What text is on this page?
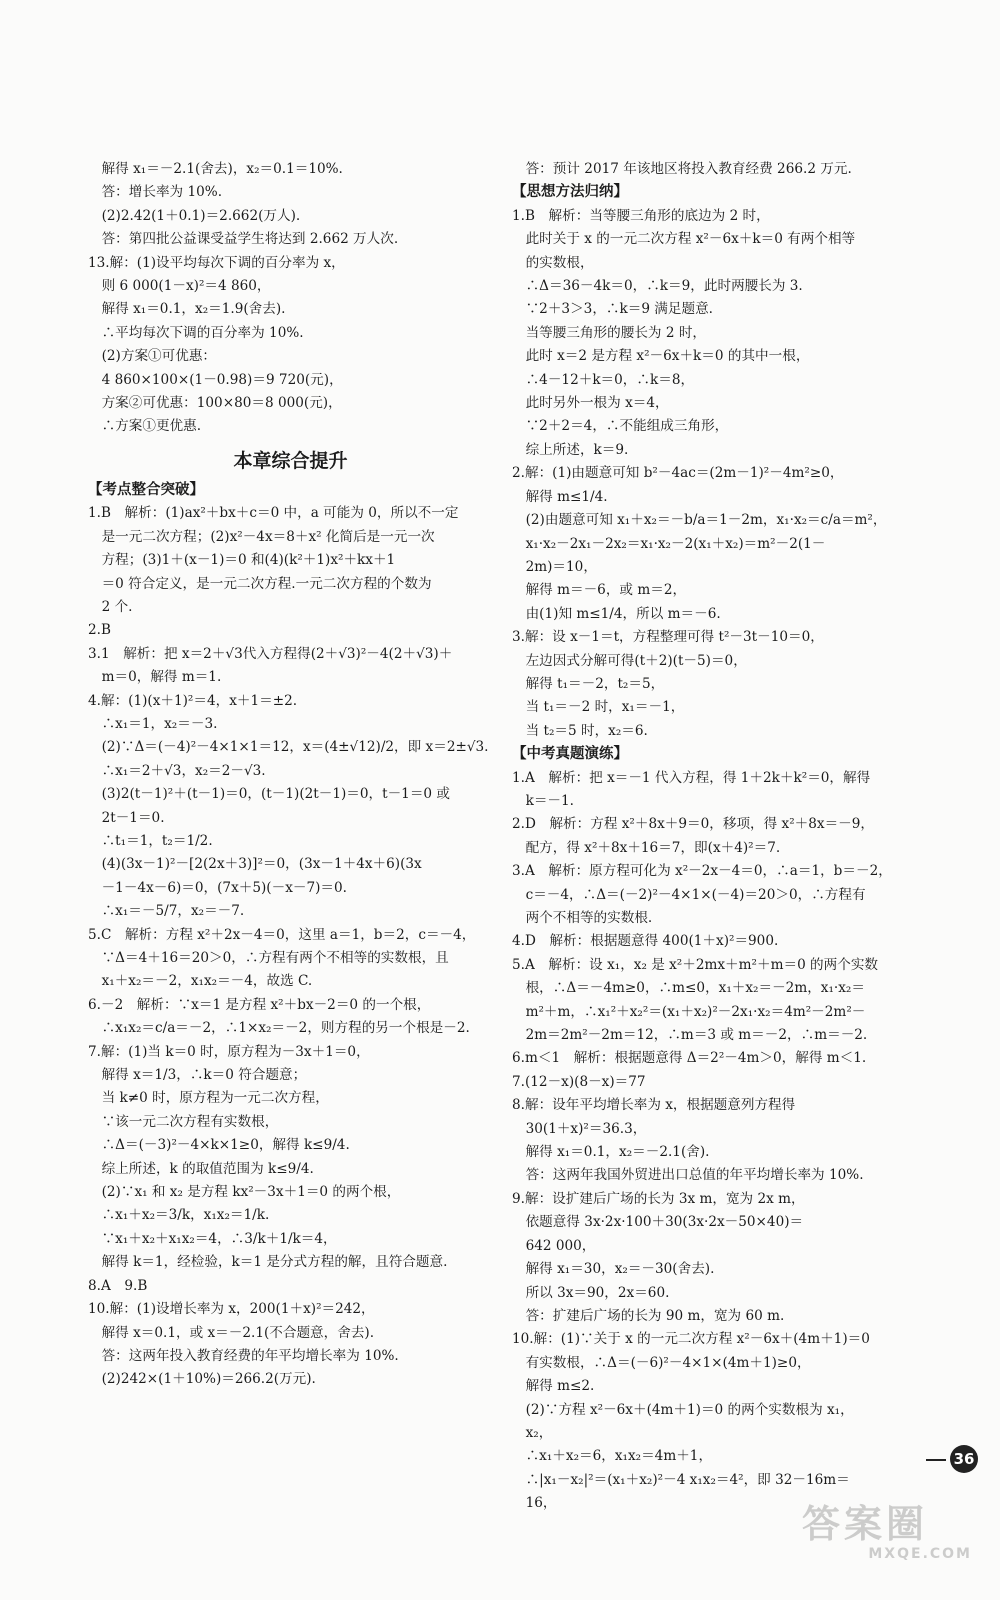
　解得 x₁＝－2.1(舍去)，x₂＝0.1＝10%.
　答：增长率为 10%.
　(2)2.42(1＋0.1)＝2.662(万人).
　答：第四批公益课受益学生将达到 2.662 万人次.
13.解：(1)设平均每次下调的百分率为 x，
　则 6 000(1－x)²＝4 860，
　解得 x₁＝0.1，x₂＝1.9(舍去).
　∴平均每次下调的百分率为 10%.
　(2)方案①可优惠：
　4 860×100×(1－0.98)＝9 720(元)，
　方案②可优惠：100×80＝8 000(元)，
　∴方案①更优惠.
本章综合提升
【考点整合突破】
1.B　解析：(1)ax²＋bx＋c＝0 中，a 可能为 0，所以不一定
　是一元二次方程；(2)x²－4x＝8＋x² 化简后是一元一次
　方程；(3)1＋(x－1)＝0 和(4)(k²＋1)x²＋kx＋1
　＝0 符合定义，是一元二次方程.一元二次方程的个数为
　2 个.
2.B
3.1　解析：把 x＝2＋√3代入方程得(2＋√3)²－4(2＋√3)＋
　m＝0，解得 m＝1.
4.解：(1)(x＋1)²＝4，x＋1＝±2.
　∴x₁＝1，x₂＝－3.
　(2)∵Δ＝(－4)²－4×1×1＝12，x＝(4±√12)/2，即 x＝2±√3.
　∴x₁＝2＋√3，x₂＝2－√3.
　(3)2(t－1)²＋(t－1)＝0，(t－1)(2t－1)＝0，t－1＝0 或
　2t－1＝0.
　∴t₁＝1，t₂＝1/2.
　(4)(3x－1)²－[2(2x＋3)]²＝0，(3x－1＋4x＋6)(3x
　－1－4x－6)＝0，(7x＋5)(－x－7)＝0.
　∴x₁＝－5/7，x₂＝－7.
5.C　解析：方程 x²＋2x－4＝0，这里 a＝1，b＝2，c＝－4，
　∵Δ＝4＋16＝20＞0，∴方程有两个不相等的实数根，且
　x₁＋x₂＝－2，x₁x₂＝－4，故选 C.
6.－2　解析：∵x＝1 是方程 x²＋bx－2＝0 的一个根，
　∴x₁x₂＝c/a＝－2，∴1×x₂＝－2，则方程的另一个根是－2.
7.解：(1)当 k＝0 时，原方程为－3x＋1＝0，
　解得 x＝1/3，∴k＝0 符合题意；
　当 k≠0 时，原方程为一元二次方程，
　∵该一元二次方程有实数根，
　∴Δ＝(－3)²－4×k×1≥0，解得 k≤9/4.
　综上所述，k 的取值范围为 k≤9/4.
　(2)∵x₁ 和 x₂ 是方程 kx²－3x＋1＝0 的两个根，
　∴x₁＋x₂＝3/k，x₁x₂＝1/k.
　∵x₁＋x₂＋x₁x₂＝4，∴3/k＋1/k＝4，
　解得 k＝1，经检验，k＝1 是分式方程的解，且符合题意.
8.A　9.B
10.解：(1)设增长率为 x，200(1＋x)²＝242，
　解得 x＝0.1，或 x＝－2.1(不合题意，舍去).
　答：这两年投入教育经费的年平均增长率为 10%.
　(2)242×(1＋10%)＝266.2(万元).
　答：预计 2017 年该地区将投入教育经费 266.2 万元.
【思想方法归纳】
1.B　解析：当等腰三角形的底边为 2 时，
　此时关于 x 的一元二次方程 x²－6x＋k＝0 有两个相等
　的实数根，
　∴Δ＝36－4k＝0，∴k＝9，此时两腰长为 3.
　∵2＋3＞3，∴k＝9 满足题意.
　当等腰三角形的腰长为 2 时，
　此时 x＝2 是方程 x²－6x＋k＝0 的其中一根，
　∴4－12＋k＝0，∴k＝8，
　此时另外一根为 x＝4，
　∵2＋2＝4，∴不能组成三角形，
　综上所述，k＝9.
2.解：(1)由题意可知 b²－4ac＝(2m－1)²－4m²≥0，
　解得 m≤1/4.
　(2)由题意可知 x₁＋x₂＝－b/a＝1－2m，x₁·x₂＝c/a＝m²，
　x₁·x₂－2x₁－2x₂＝x₁·x₂－2(x₁＋x₂)＝m²－2(1－
　2m)＝10，
　解得 m＝－6，或 m＝2，
　由(1)知 m≤1/4，所以 m＝－6.
3.解：设 x－1＝t，方程整理可得 t²－3t－10＝0，
　左边因式分解可得(t＋2)(t－5)＝0，
　解得 t₁＝－2，t₂＝5，
　当 t₁＝－2 时，x₁＝－1，
　当 t₂＝5 时，x₂＝6.
【中考真题演练】
1.A　解析：把 x＝－1 代入方程，得 1＋2k＋k²＝0，解得
　k＝－1.
2.D　解析：方程 x²＋8x＋9＝0，移项，得 x²＋8x＝－9，
　配方，得 x²＋8x＋16＝7，即(x＋4)²＝7.
3.A　解析：原方程可化为 x²－2x－4＝0，∴a＝1，b＝－2，
　c＝－4，∴Δ＝(－2)²－4×1×(－4)＝20＞0，∴方程有
　两个不相等的实数根.
4.D　解析：根据题意得 400(1＋x)²＝900.
5.A　解析：设 x₁，x₂ 是 x²＋2mx＋m²＋m＝0 的两个实数
　根，∴Δ＝－4m≥0，∴m≤0，x₁＋x₂＝－2m，x₁·x₂＝
　m²＋m，∴x₁²＋x₂²＝(x₁＋x₂)²－2x₁·x₂＝4m²－2m²－
　2m＝2m²－2m＝12，∴m＝3 或 m＝－2，∴m＝－2.
6.m＜1　解析：根据题意得 Δ＝2²－4m＞0，解得 m＜1.
7.(12－x)(8－x)＝77
8.解：设年平均增长率为 x，根据题意列方程得
　30(1＋x)²＝36.3，
　解得 x₁＝0.1，x₂＝－2.1(舍).
　答：这两年我国外贸进出口总值的年平均增长率为 10%.
9.解：设扩建后广场的长为 3x m，宽为 2x m，
　依题意得 3x·2x·100＋30(3x·2x－50×40)＝
　642 000，
　解得 x₁＝30，x₂＝－30(舍去).
　所以 3x＝90，2x＝60.
　答：扩建后广场的长为 90 m，宽为 60 m.
10.解：(1)∵关于 x 的一元二次方程 x²－6x＋(4m＋1)＝0
　有实数根，∴Δ＝(－6)²－4×1×(4m＋1)≥0，
　解得 m≤2.
　(2)∵方程 x²－6x＋(4m＋1)＝0 的两个实数根为 x₁，
　x₂，
　∴x₁＋x₂＝6，x₁x₂＝4m＋1，
　∴|x₁－x₂|²＝(x₁＋x₂)²－4 x₁x₂＝4²，即 32－16m＝
　16，
36
答案圈
MXQE.COM
